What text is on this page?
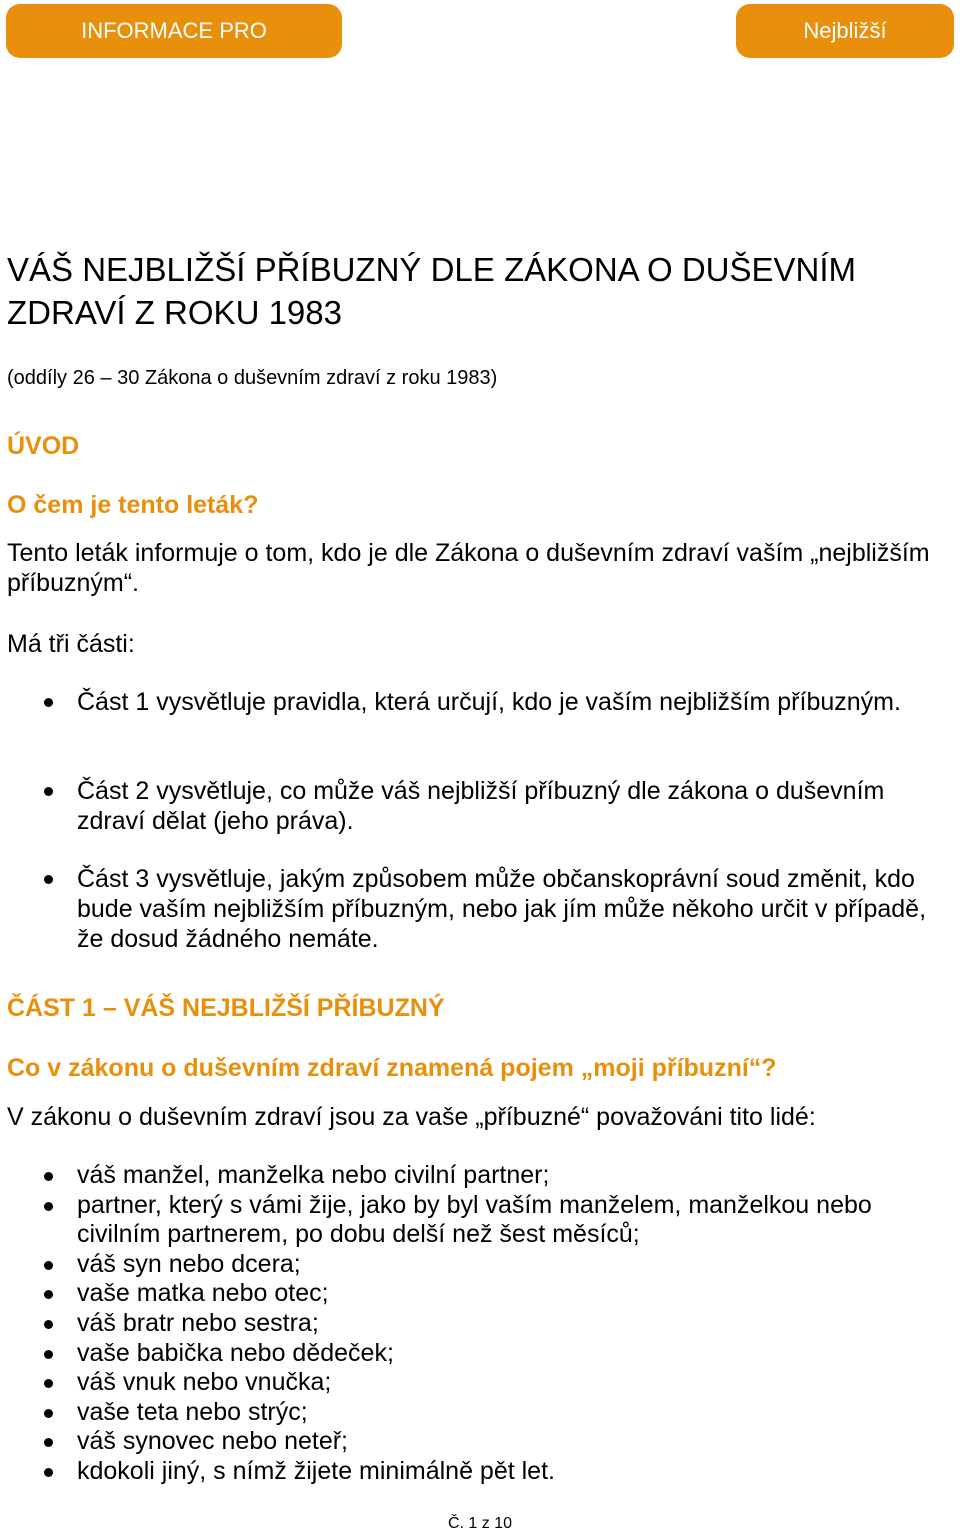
INFORMACE PRO	Nejbližší
VÁŠ NEJBLIŽŠÍ PŘÍBUZNÝ DLE ZÁKONA O DUŠEVNÍM ZDRAVÍ Z ROKU 1983

(oddíly 26 – 30 Zákona o duševním zdraví z roku 1983)

ÚVOD
O čem je tento leták?

Tento leták informuje o tom, kdo je dle Zákona o duševním zdraví vaším „nejbližším příbuzným“.

Má tři části:

Část 1 vysvětluje pravidla, která určují, kdo je vaším nejbližším příbuzným.
Část 2 vysvětluje, co může váš nejbližší příbuzný dle zákona o duševním zdraví dělat (jeho práva).
Část 3 vysvětluje, jakým způsobem může občanskoprávní soud změnit, kdo bude vaším nejbližším příbuzným, nebo jak jím může někoho určit v případě, že dosud žádného nemáte.
ČÁST 1 – VÁŠ NEJBLIŽŠÍ PŘÍBUZNÝ
Co v zákonu o duševním zdraví znamená pojem „moji příbuzní“?

V zákonu o duševním zdraví jsou za vaše „příbuzné“ považováni tito lidé:

váš manžel, manželka nebo civilní partner;
partner, který s vámi žije, jako by byl vaším manželem, manželkou nebo civilním partnerem, po dobu delší než šest měsíců;
váš syn nebo dcera;
vaše matka nebo otec;
váš bratr nebo sestra;
vaše babička nebo dědeček;
váš vnuk nebo vnučka;
vaše teta nebo strýc;
váš synovec nebo neteř;
kdokoli jiný, s nímž žijete minimálně pět let.
Č. 1 z 10
